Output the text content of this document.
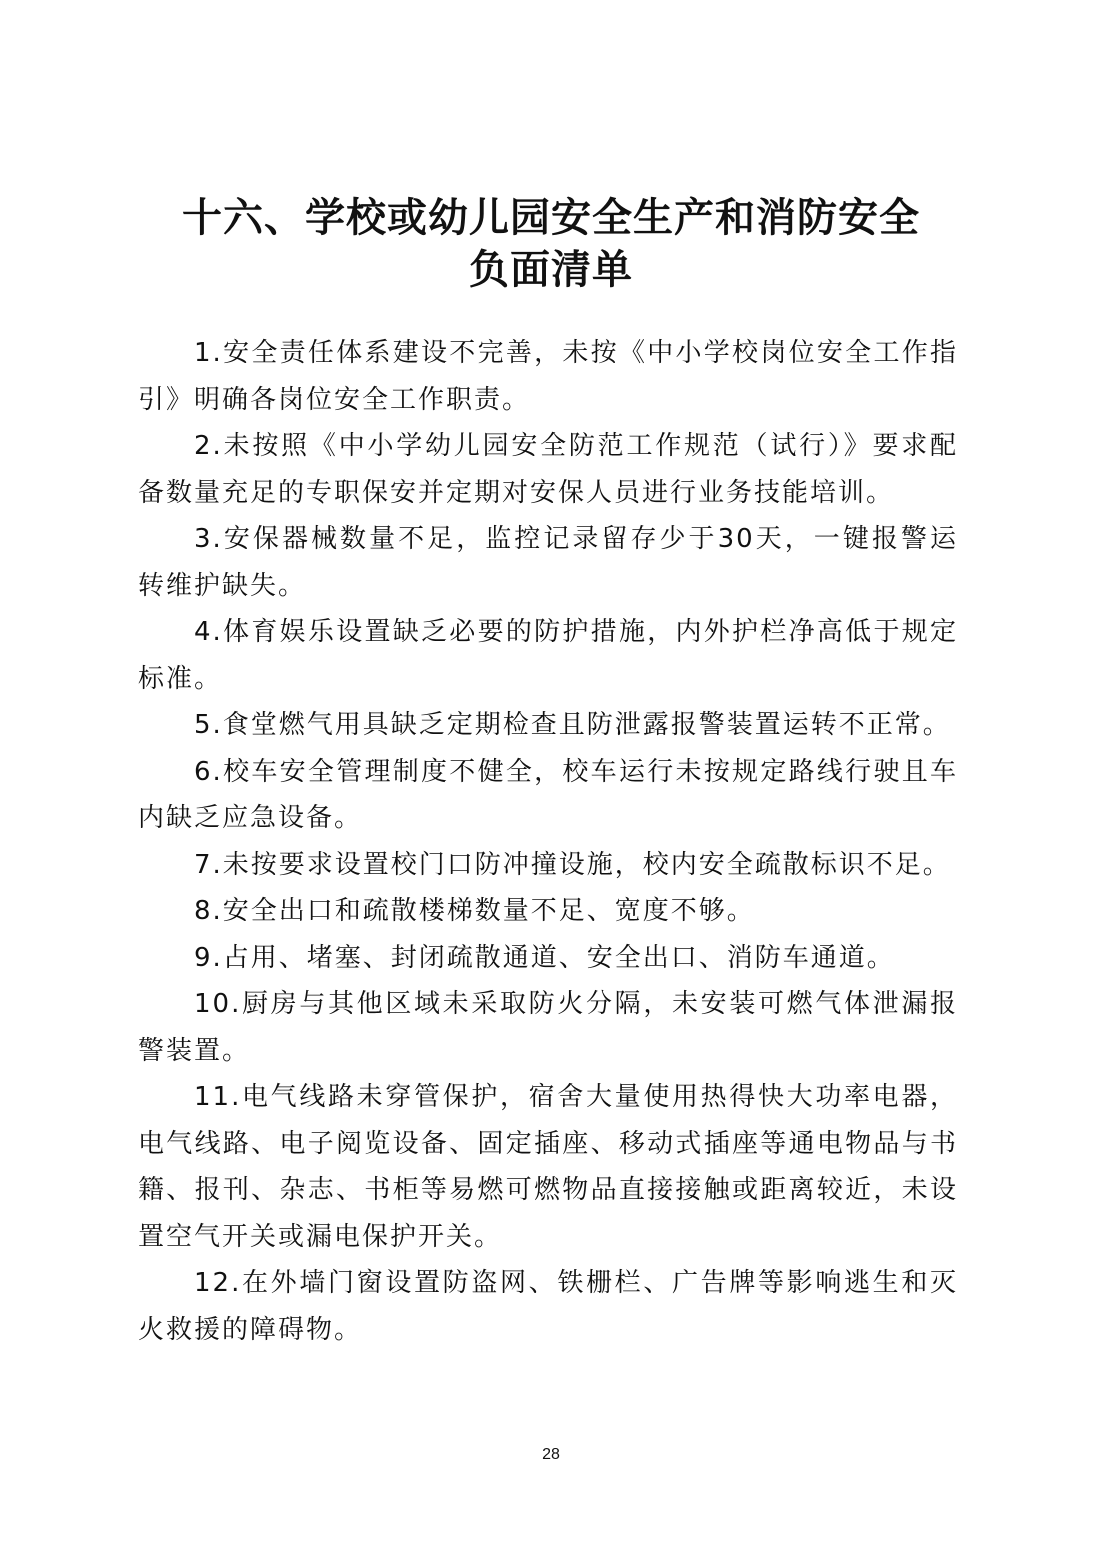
十六、学校或幼儿园安全生产和消防安全
负面清单

1.安全责任体系建设不完善，未按《中小学校岗位安全工作指引》明确各岗位安全工作职责。

2.未按照《中小学幼儿园安全防范工作规范（试行）》要求配备数量充足的专职保安并定期对安保人员进行业务技能培训。

3.安保器械数量不足，监控记录留存少于30天，一键报警运转维护缺失。

4.体育娱乐设置缺乏必要的防护措施，内外护栏净高低于规定标准。

5.食堂燃气用具缺乏定期检查且防泄露报警装置运转不正常。

6.校车安全管理制度不健全，校车运行未按规定路线行驶且车内缺乏应急设备。

7.未按要求设置校门口防冲撞设施，校内安全疏散标识不足。

8.安全出口和疏散楼梯数量不足、宽度不够。

9.占用、堵塞、封闭疏散通道、安全出口、消防车通道。

10.厨房与其他区域未采取防火分隔，未安装可燃气体泄漏报警装置。

11.电气线路未穿管保护，宿舍大量使用热得快大功率电器，电气线路、电子阅览设备、固定插座、移动式插座等通电物品与书籍、报刊、杂志、书柜等易燃可燃物品直接接触或距离较近，未设置空气开关或漏电保护开关。

12.在外墙门窗设置防盗网、铁栅栏、广告牌等影响逃生和灭火救援的障碍物。

28
